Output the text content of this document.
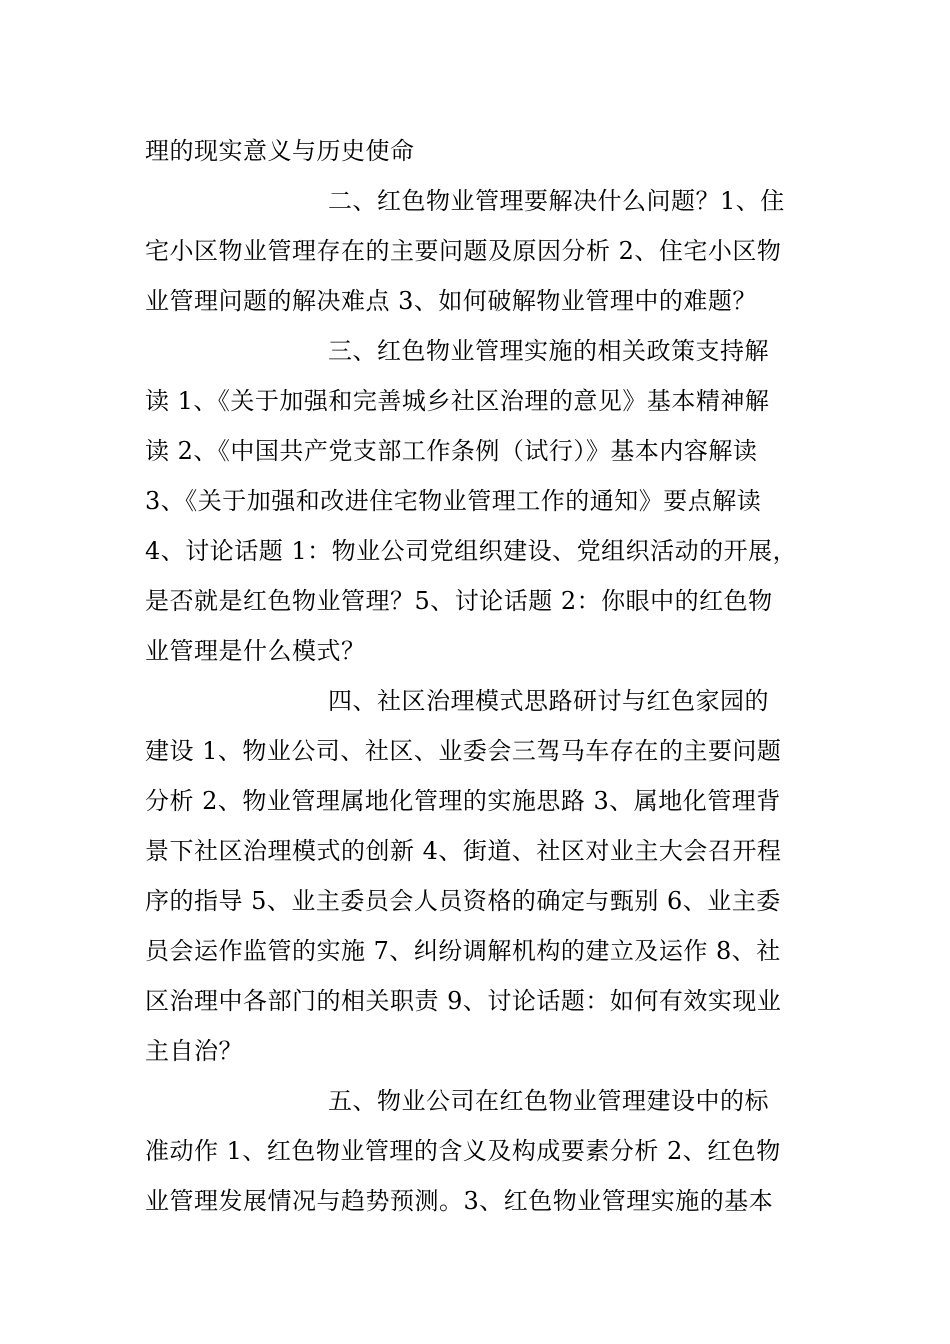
理的现实意义与历史使命
二、红色物业管理要解决什么问题？1、住
宅小区物业管理存在的主要问题及原因分析 2、住宅小区物
业管理问题的解决难点 3、如何破解物业管理中的难题？
三、红色物业管理实施的相关政策支持解
读 1、《关于加强和完善城乡社区治理的意见》基本精神解
读 2、《中国共产党支部工作条例（试行）》基本内容解读
3、《关于加强和改进住宅物业管理工作的通知》要点解读
4、讨论话题 1：物业公司党组织建设、党组织活动的开展，
是否就是红色物业管理？5、讨论话题 2：你眼中的红色物
业管理是什么模式？
四、社区治理模式思路研讨与红色家园的
建设 1、物业公司、社区、业委会三驾马车存在的主要问题
分析 2、物业管理属地化管理的实施思路 3、属地化管理背
景下社区治理模式的创新 4、街道、社区对业主大会召开程
序的指导 5、业主委员会人员资格的确定与甄别 6、业主委
员会运作监管的实施 7、纠纷调解机构的建立及运作 8、社
区治理中各部门的相关职责 9、讨论话题：如何有效实现业
主自治？
五、物业公司在红色物业管理建设中的标
准动作 1、红色物业管理的含义及构成要素分析 2、红色物
业管理发展情况与趋势预测。3、红色物业管理实施的基本
